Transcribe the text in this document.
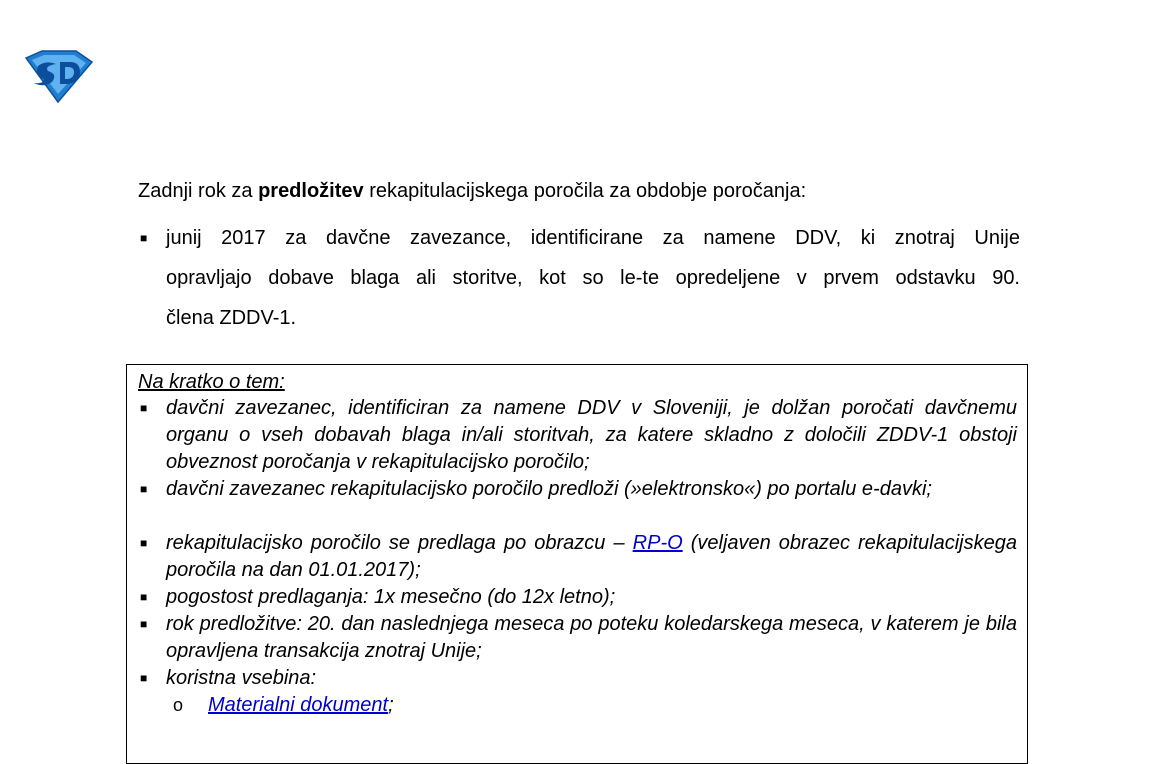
Zadnji rok za predložitev rekapitulacijskega poročila za obdobje poročanja:
■ junij 2017 za davčne zavezance, identificirane za namene DDV, ki znotraj Unije
opravljajo dobave blaga ali storitve, kot so le-te opredeljene v prvem odstavku 90.
člena ZDDV-1.
Na kratko o tem:
■ davčni zavezanec, identificiran za namene DDV v Sloveniji, je dolžan poročati davčnemu organu o vseh dobavah blaga in/ali storitvah, za katere skladno z določili ZDDV-1 obstoji obveznost poročanja v rekapitulacijsko poročilo;
■ davčni zavezanec rekapitulacijsko poročilo predloži (»elektronsko«) po portalu e-davki;
■ rekapitulacijsko poročilo se predlaga po obrazcu – RP-O (veljaven obrazec rekapitulacijskega poročila na dan 01.01.2017);
■ pogostost predlaganja: 1x mesečno (do 12x letno);
■ rok predložitve: 20. dan naslednjega meseca po poteku koledarskega meseca, v katerem je bila opravljena transakcija znotraj Unije;
■ koristna vsebina:
o Materialni dokument;
